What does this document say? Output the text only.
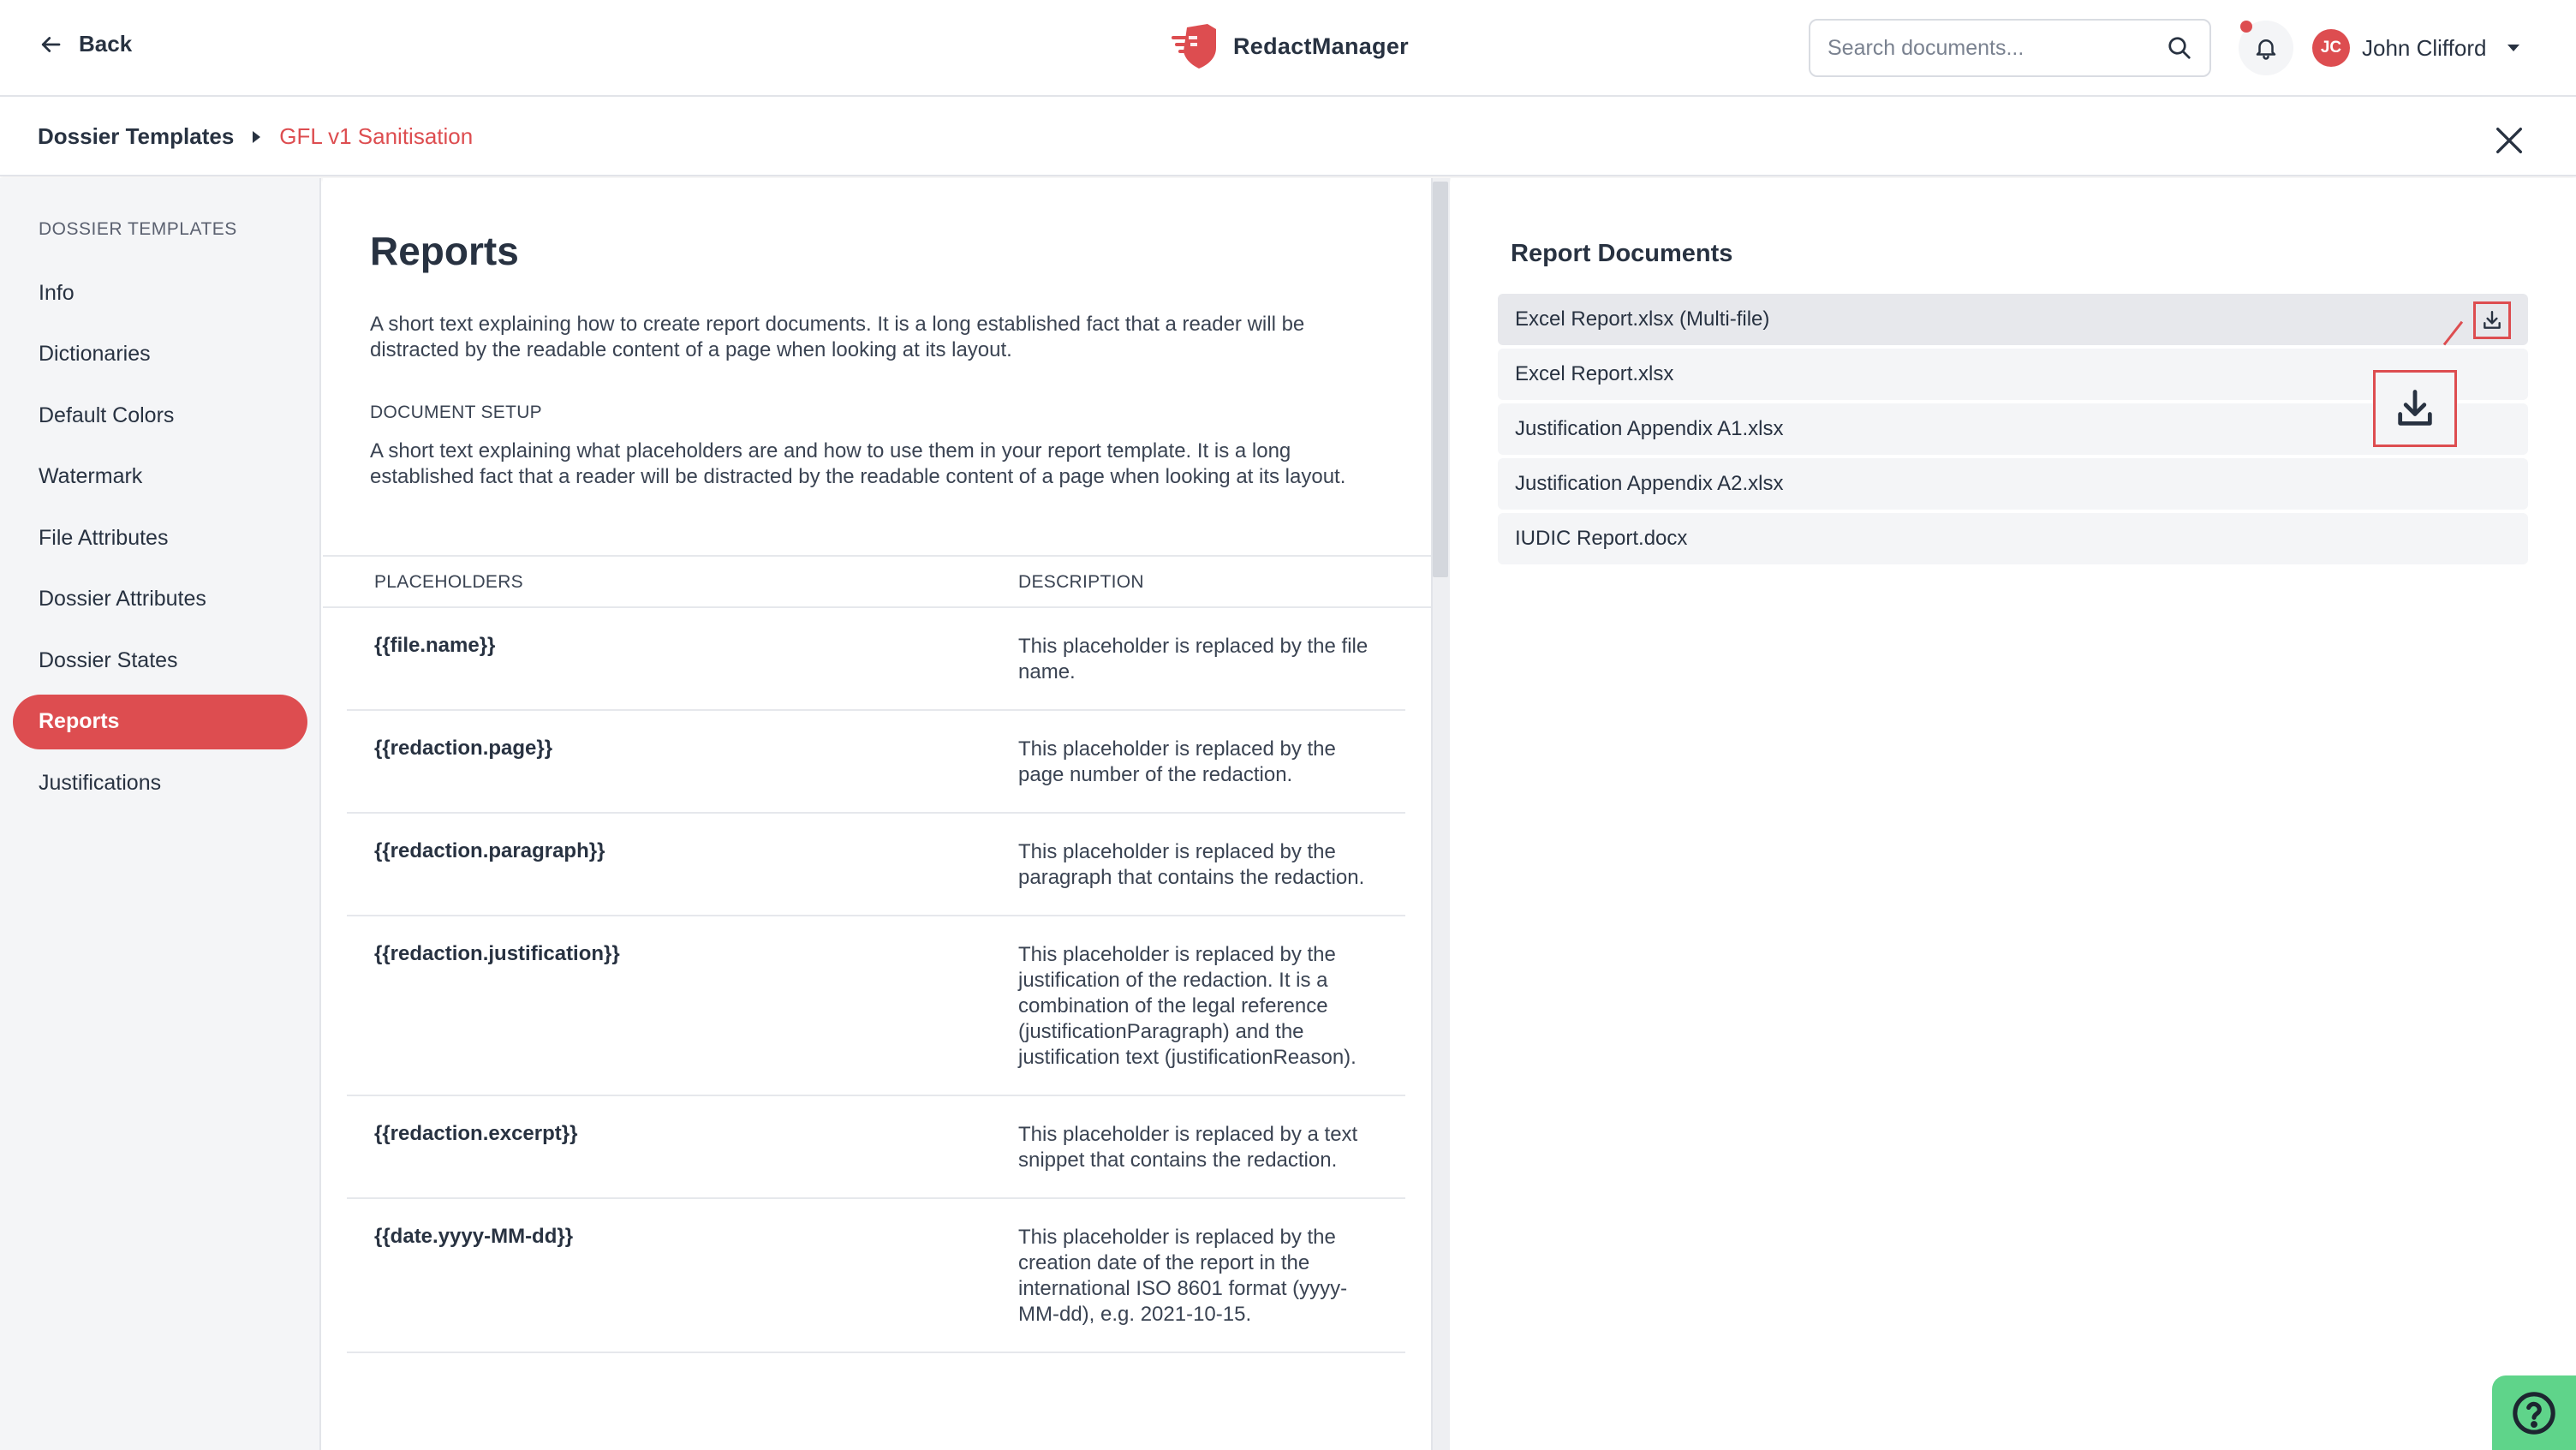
Back	RedactManager
Search documents...	JC John Clifford
Dossier Templates GFL v1 Sanitisation
DOSSIER TEMPLATES
Info
Dictionaries
Default Colors
Watermark
File Attributes
Dossier Attributes
Dossier States
Reports
Justifications
Reports

A short text explaining how to create report documents. It is a long established fact that a reader will be distracted by the readable content of a page when looking at its layout.

DOCUMENT SETUP

A short text explaining what placeholders are and how to use them in your report template. It is a long established fact that a reader will be distracted by the readable content of a page when looking at its layout.

PLACEHOLDERS	DESCRIPTION
{{file.name}}	This placeholder is replaced by the file name.
{{redaction.page}}	This placeholder is replaced by the page number of the redaction.
{{redaction.paragraph}}	This placeholder is replaced by the paragraph that contains the redaction.
{{redaction.justification}}	This placeholder is replaced by the justification of the redaction. It is a combination of the legal reference (justificationParagraph) and the justification text (justificationReason).
{{redaction.excerpt}}	This placeholder is replaced by a text snippet that contains the redaction.
{{date.yyyy-MM-dd}}	This placeholder is replaced by the creation date of the report in the international ISO 8601 format (yyyy-MM-dd), e.g. 2021-10-15.
Report Documents
Excel Report.xlsx (Multi-file)
Excel Report.xlsx
Justification Appendix A1.xlsx
Justification Appendix A2.xlsx
IUDIC Report.docx
